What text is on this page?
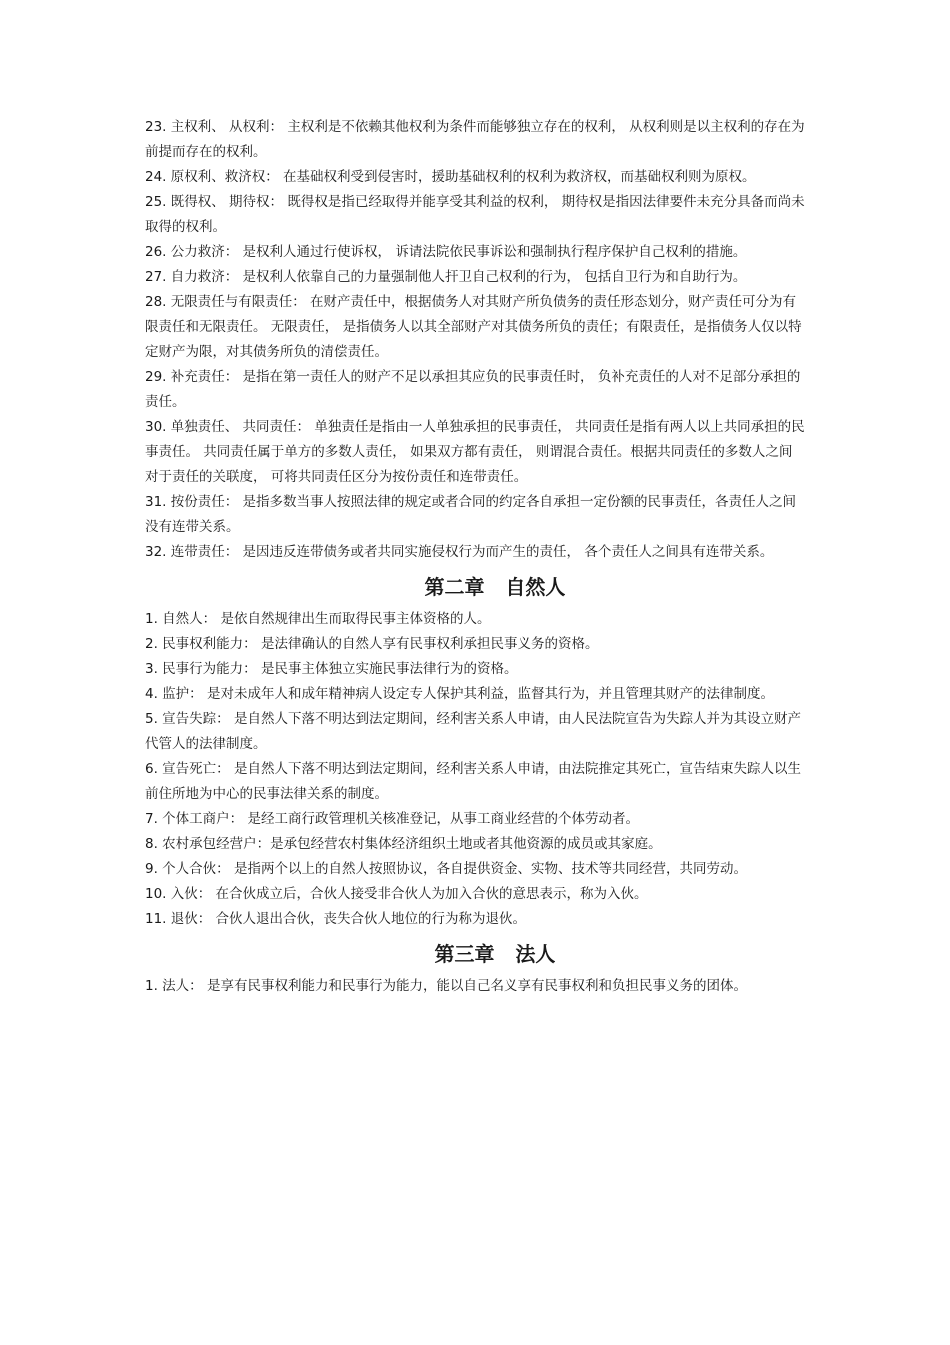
23. 主权利、 从权利： 主权利是不依赖其他权利为条件而能够独立存在的权利， 从权利则是以主权利的存在为前提而存在的权利。

24. 原权利、救济权： 在基础权利受到侵害时，援助基础权利的权利为救济权，而基础权利则为原权。

25. 既得权、 期待权： 既得权是指已经取得并能享受其利益的权利， 期待权是指因法律要件未充分具备而尚未取得的权利。

26. 公力救济： 是权利人通过行使诉权， 诉请法院依民事诉讼和强制执行程序保护自己权利的措施。

27. 自力救济： 是权利人依靠自己的力量强制他人扞卫自己权利的行为， 包括自卫行为和自助行为。

28. 无限责任与有限责任： 在财产责任中，根据债务人对其财产所负债务的责任形态划分，财产责任可分为有限责任和无限责任。 无限责任， 是指债务人以其全部财产对其债务所负的责任；有限责任，是指债务人仅以特定财产为限，对其债务所负的清偿责任。

29. 补充责任： 是指在第一责任人的财产不足以承担其应负的民事责任时， 负补充责任的人对不足部分承担的责任。

30. 单独责任、 共同责任： 单独责任是指由一人单独承担的民事责任， 共同责任是指有两人以上共同承担的民事责任。 共同责任属于单方的多数人责任， 如果双方都有责任， 则谓混合责任。根据共同责任的多数人之间对于责任的关联度， 可将共同责任区分为按份责任和连带责任。

31. 按份责任： 是指多数当事人按照法律的规定或者合同的约定各自承担一定份额的民事责任，各责任人之间没有连带关系。

32. 连带责任： 是因违反连带债务或者共同实施侵权行为而产生的责任， 各个责任人之间具有连带关系。

第二章   自然人

1. 自然人： 是依自然规律出生而取得民事主体资格的人。

2. 民事权利能力： 是法律确认的自然人享有民事权利承担民事义务的资格。

3. 民事行为能力： 是民事主体独立实施民事法律行为的资格。

4. 监护： 是对未成年人和成年精神病人设定专人保护其利益，监督其行为，并且管理其财产的法律制度。

5. 宣告失踪： 是自然人下落不明达到法定期间，经利害关系人申请，由人民法院宣告为失踪人并为其设立财产代管人的法律制度。

6. 宣告死亡： 是自然人下落不明达到法定期间，经利害关系人申请，由法院推定其死亡，宣告结束失踪人以生前住所地为中心的民事法律关系的制度。

7. 个体工商户： 是经工商行政管理机关核准登记，从事工商业经营的个体劳动者。

8. 农村承包经营户：是承包经营农村集体经济组织土地或者其他资源的成员或其家庭。

9. 个人合伙： 是指两个以上的自然人按照协议，各自提供资金、实物、技术等共同经营，共同劳动。

10. 入伙： 在合伙成立后，合伙人接受非合伙人为加入合伙的意思表示，称为入伙。

11. 退伙： 合伙人退出合伙，丧失合伙人地位的行为称为退伙。

第三章   法人

1. 法人： 是享有民事权利能力和民事行为能力，能以自己名义享有民事权利和负担民事义务的团体。
